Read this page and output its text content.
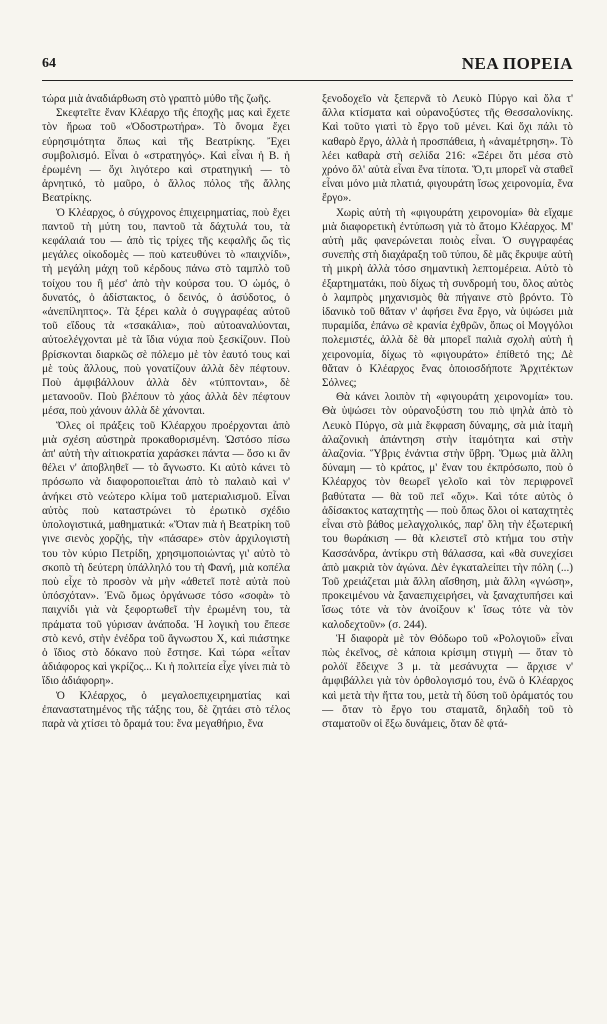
64	ΝΕΑ ΠΟΡΕΙΑ

τώρα μιὰ ἀναδιάρθωση στὸ γραπτὸ μύθο τῆς ζωῆς.

Σκεφτεῖτε ἕναν Κλέαρχο τῆς ἐποχῆς μας καὶ ἔχετε τὸν ἥρωα τοῦ «Ὀδοστρωτήρα». Τὸ ὄνομα ἔχει εὐρησιμότητα ὅπως καὶ τῆς Βεατρίκης. Ἔχει συμβολισμό. Εἶναι ὁ «στρατηγός». Καὶ εἶναι ἡ Β. ἡ ἐρωμένη — ὄχι λιγότερο καὶ στρατηγική — τὸ ἀρνητικό, τὸ μαῦρο, ὁ ἄλλος πόλος τῆς ἄλλης Βεατρίκης.

Ὁ Κλέαρχος, ὁ σύγχρονος ἐπιχειρηματίας, ποὺ ἔχει παντοῦ τὴ μύτη του, παντοῦ τὰ δάχτυλά του, τὰ κεφάλαιά του — ἀπὸ τὶς τρίχες τῆς κεφαλῆς ὥς τὶς μεγάλες οἰκοδομὲς — ποὺ κατευθύνει τὸ «παιχνίδι», τὴ μεγάλη μάχη τοῦ κέρδους πάνω στὸ ταμπλὸ τοῦ τοίχου του ἢ μέσ' ἀπὸ τὴν κούρσα του. Ὁ ὠμός, ὁ δυνατός, ὁ ἀδίστακτος, ὁ δεινός, ὁ ἀσύδοτος, ὁ «ἀνεπίληπτος». Τὰ ξέρει καλὰ ὁ συγγραφέας αὐτοῦ τοῦ εἴδους τὰ «τσακάλια», ποὺ αὐτοαναλύονται, αὐτοελέγχονται μὲ τὰ ἴδια νύχια ποὺ ξεσκίζουν. Ποὺ βρίσκονται διαρκῶς σὲ πόλεμο μὲ τὸν ἑαυτό τους καὶ μὲ τοὺς ἄλλους, ποὺ γονατίζουν ἀλλὰ δὲν πέφτουν. Ποὺ ἀμφιβάλλουν ἀλλὰ δὲν «τύπτονται», δὲ μετανοοῦν. Ποὺ βλέπουν τὸ χάος ἀλλὰ δὲν πέφτουν μέσα, ποὺ χάνουν ἀλλὰ δὲ χάνονται.

Ὅλες οἱ πράξεις τοῦ Κλέαρχου προέρχονται ἀπὸ μιὰ σχέση αὐστηρὰ προκαθορισμένη. Ὡστόσο πίσω ἀπ' αὐτὴ τὴν αἰτιοκρατία χαράσκει πάντα — ὅσο κι ἂν θέλει ν' ἀποβληθεῖ — τὸ ἄγνωστο. Κι αὐτὸ κάνει τὸ πρόσωπο νὰ διαφοροποιεῖται ἀπὸ τὸ παλαιὸ καὶ ν' ἀνήκει στὸ νεώτερο κλίμα τοῦ ματεριαλισμοῦ. Εἶναι αὐτὸς ποὺ καταστρώνει τὸ ἐρωτικὸ σχέδιο ὑπολογιστικά, μαθηματικά: «Ὅταν πιὰ ἡ Βεατρίκη τοῦ γινε σιενὸς χορζής, τὴν «πάσαρε» στὸν ἀρχιλογιστὴ του τὸν κύριο Πετρίδη, χρησιμοποιώντας γι' αὐτὸ τὸ σκοπὸ τὴ δεύτερη ὑπάλληλό του τὴ Φανή, μιὰ κοπέλα ποὺ εἶχε τὸ προσὸν νὰ μὴν «ἀθετεῖ ποτὲ αὐτὰ ποὺ ὑπόσχόταν». Ἐνῶ ὅμως ὀργάνωσε τόσο «σοφὰ» τὸ παιχνίδι γιὰ νὰ ξεφορτωθεῖ τὴν ἐρωμένη του, τὰ πράματα τοῦ γύρισαν ἀνάποδα. Ἡ λογικὴ του ἔπεσε στὸ κενό, στὴν ἐνέδρα τοῦ ἄγνωστου Χ, καὶ πιάστηκε ὁ ἴδιος στὸ δόκανο ποὺ ἔστησε. Καὶ τώρα «εἶταν ἀδιάφορος καὶ γκρίζος... Κι ἡ πολιτεία εἶχε γίνει πιὰ τὸ ἴδιο ἀδιάφορη».

Ὁ Κλέαρχος, ὁ μεγαλοεπιχειρηματίας καὶ ἐπαναστατημένος τῆς τάξης του, δὲ ζητάει στὸ τέλος παρὰ νὰ χτίσει τὸ ὄραμά του: ἕνα μεγαθήριο, ἕνα

ξενοδοχεῖο νὰ ξεπερνᾶ τὸ Λευκὸ Πύργο καὶ ὅλα τ' ἄλλα κτίσματα καὶ οὐρανοξύστες τῆς Θεσσαλονίκης. Καὶ τοῦτο γιατὶ τὸ ἔργο τοῦ μένει. Καὶ ὄχι πάλι τὸ καθαρὸ ἔργο, ἀλλὰ ἡ προσπάθεια, ἡ «ἀναμέτρηση». Τὸ λέει καθαρὰ στὴ σελίδα 216: «Ξέρει ὅτι μέσα στὸ χρόνο ὅλ' αὐτὰ εἶναι ἕνα τίποτα. Ὅ,τι μπορεῖ νὰ σταθεῖ εἶναι μόνο μιὰ πλατιά, φιγουράτη ἴσως χειρονομία, ἕνα ἔργο».

Χωρὶς αὐτὴ τὴ «φιγουράτη χειρονομία» θὰ εἴχαμε μιὰ διαφορετικὴ ἐντύπωση γιὰ τὸ ἄτομο Κλέαρχος. Μ' αὐτὴ μᾶς φανερώνεται ποιὸς εἶναι. Ὁ συγγραφέας συνεπὴς στὴ διαχάραξη τοῦ τύπου, δὲ μᾶς ἔκρυψε αὐτὴ τὴ μικρὴ ἀλλὰ τόσο σημαντικὴ λεπτομέρεια. Αὐτὸ τὸ ἐξαρτηματάκι, ποὺ δίχως τὴ συνδρομή του, ὅλος αὐτὸς ὁ λαμπρὸς μηχανισμὸς θὰ πήγαινε στὸ βρόντο. Τὸ ἰδανικὸ τοῦ θἄταν ν' ἀφήσει ἕνα ἔργο, νὰ ὑψώσει μιὰ πυραμίδα, ἐπάνω σὲ κρανία ἐχθρῶν, ὅπως οἱ Μογγόλοι πολεμιστές, ἀλλὰ δὲ θὰ μπορεῖ παλιὰ σχολὴ αὐτὴ ἡ χειρονομία, δίχως τὸ «φιγουράτο» ἐπίθετό της; Δὲ θἄταν ὁ Κλέαρχος ἕνας ὁποιοσδήποτε Ἀρχιτέκτων Σόλνες;

Θὰ κάνει λοιπὸν τὴ «φιγουράτη χειρονομία» του. Θὰ ὑψώσει τὸν οὐρανοξύστη του πιὸ ψηλὰ ἀπὸ τὸ Λευκὸ Πύργο, σὰ μιὰ ἔκφραση δύναμης, σὰ μιὰ ἰταμὴ ἀλαζονικὴ ἀπάντηση στὴν ἰταμότητα καὶ στὴν ἀλαζονία. Ὕβρις ἐνάντια στὴν ὕβρη. Ὅμως μιὰ ἄλλη δύναμη — τὸ κράτος, μ' ἕναν του ἐκπρόσωπο, ποὺ ὁ Κλέαρχος τὸν θεωρεῖ γελοῖο καὶ τὸν περιφρονεῖ βαθύτατα — θὰ τοῦ πεῖ «ὄχι». Καὶ τότε αὐτὸς ὁ ἀδίσακτος καταχτητὴς — ποὺ ὅπως ὅλοι οἱ καταχτητὲς εἶναι στὸ βάθος μελαγχολικός, παρ' ὅλη τὴν ἐξωτερική του θωράκιση — θὰ κλειστεῖ στὸ κτήμα του στὴν Κασσάνδρα, ἀντίκρυ στὴ θάλασσα, καὶ «θὰ συνεχίσει ἀπὸ μακριὰ τὸν ἀγώνα. Δὲν ἐγκαταλείπει τὴν πόλη (...) Τοῦ χρειάζεται μιὰ ἄλλη αἴσθηση, μιὰ ἄλλη «γνώση», προκειμένου νὰ ξαναεπιχειρήσει, νὰ ξαναχτυπήσει καὶ ἴσως τότε νὰ τὸν ἀνοίξουν κ' ἴσως τότε νὰ τὸν καλοδεχτοῦν» (σ. 244).

Ἡ διαφορὰ μὲ τὸν Θόδωρο τοῦ «Ρολογιοῦ» εἶναι πὼς ἐκεῖνος, σὲ κάποια κρίσιμη στιγμὴ — ὅταν τὸ ρολόϊ ἔδειχνε 3 μ. τὰ μεσάνυχτα — ἄρχισε ν' ἀμφιβάλλει γιὰ τὸν ὀρθολογισμό του, ἐνῶ ὁ Κλέαρχος καὶ μετὰ τὴν ἥττα του, μετὰ τὴ δύση τοῦ ὁράματός του — ὅταν τὸ ἔργο του σταματᾶ, δηλαδὴ τοῦ τὸ σταματοῦν οἱ ἔξω δυνάμεις, ὅταν δὲ φτά-
